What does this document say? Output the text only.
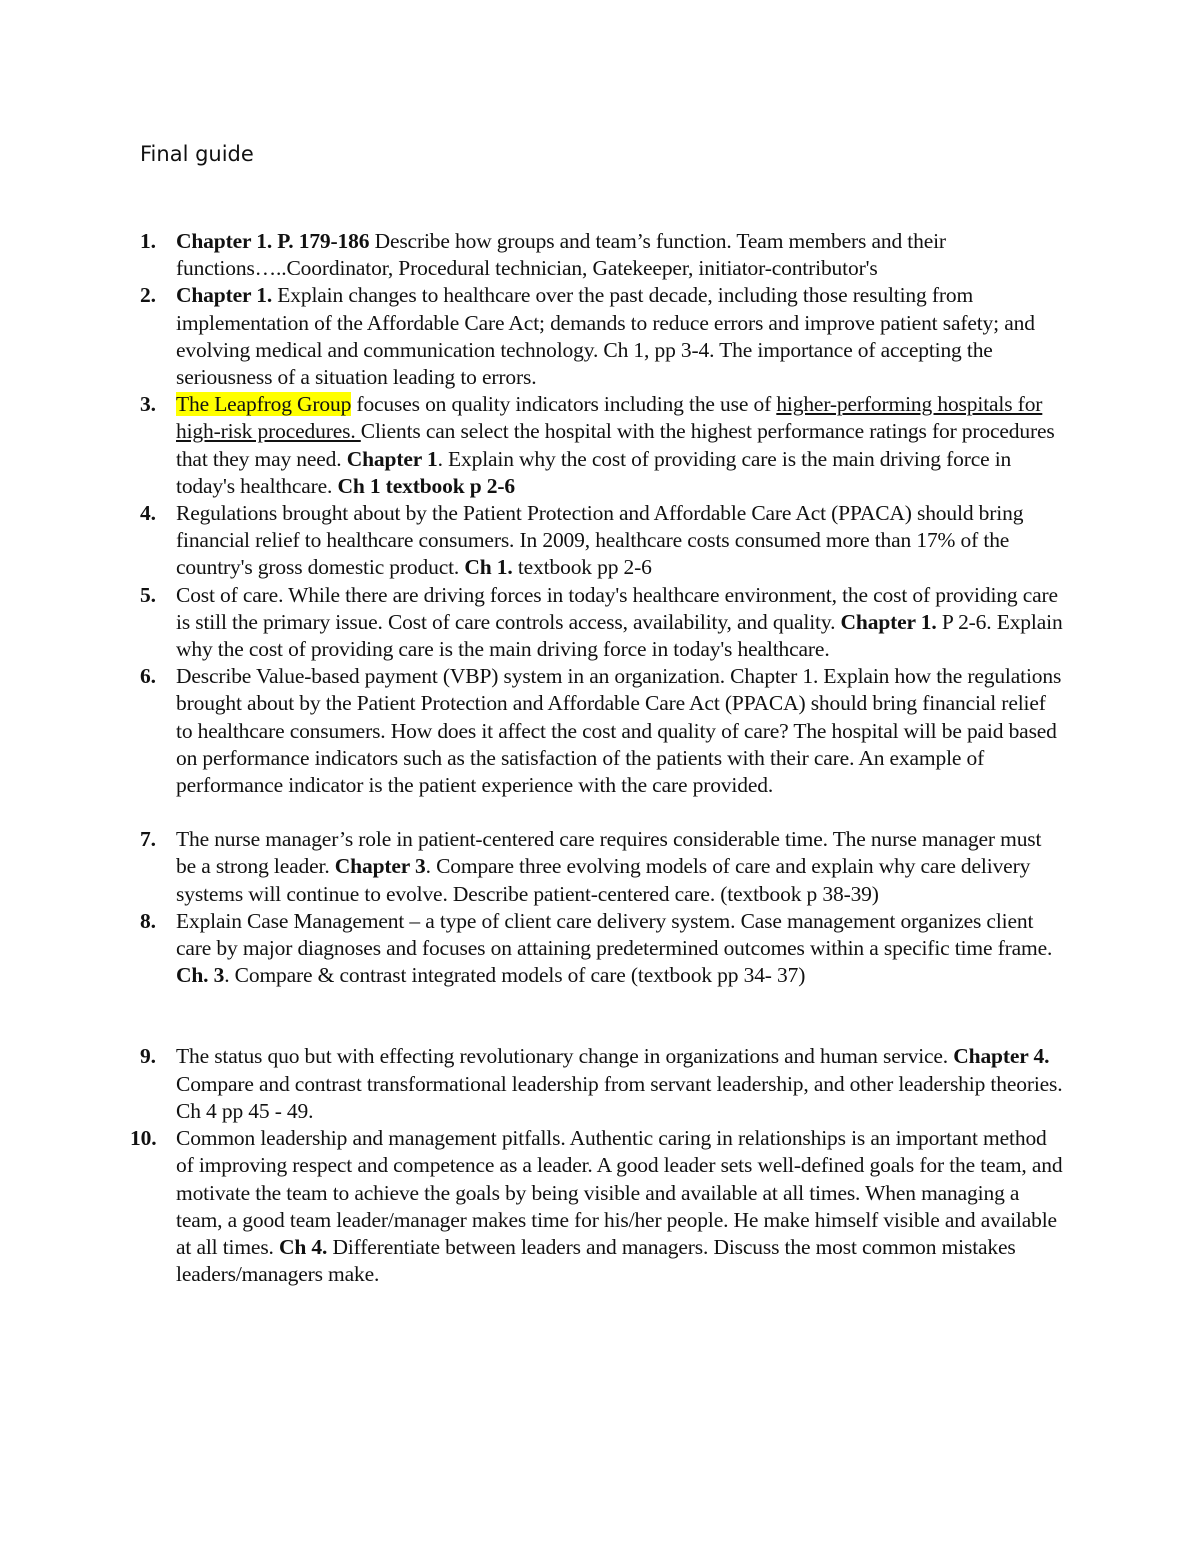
Final guide
1. Chapter 1. P. 179-186 Describe how groups and team’s function. Team members and their functions…..Coordinator, Procedural technician, Gatekeeper, initiator-contributor's
2. Chapter 1. Explain changes to healthcare over the past decade, including those resulting from implementation of the Affordable Care Act; demands to reduce errors and improve patient safety; and evolving medical and communication technology. Ch 1, pp 3-4. The importance of accepting the seriousness of a situation leading to errors.
3. The Leapfrog Group focuses on quality indicators including the use of higher-performing hospitals for high-risk procedures. Clients can select the hospital with the highest performance ratings for procedures that they may need. Chapter 1. Explain why the cost of providing care is the main driving force in today's healthcare. Ch 1 textbook p 2-6
4. Regulations brought about by the Patient Protection and Affordable Care Act (PPACA) should bring financial relief to healthcare consumers. In 2009, healthcare costs consumed more than 17% of the country's gross domestic product. Ch 1. textbook pp 2-6
5. Cost of care. While there are driving forces in today's healthcare environment, the cost of providing care is still the primary issue. Cost of care controls access, availability, and quality. Chapter 1. P 2-6. Explain why the cost of providing care is the main driving force in today's healthcare.
6. Describe Value-based payment (VBP) system in an organization. Chapter 1. Explain how the regulations brought about by the Patient Protection and Affordable Care Act (PPACA) should bring financial relief to healthcare consumers. How does it affect the cost and quality of care? The hospital will be paid based on performance indicators such as the satisfaction of the patients with their care. An example of performance indicator is the patient experience with the care provided.
7. The nurse manager’s role in patient-centered care requires considerable time. The nurse manager must be a strong leader. Chapter 3. Compare three evolving models of care and explain why care delivery systems will continue to evolve. Describe patient-centered care. (textbook p 38-39)
8. Explain Case Management – a type of client care delivery system. Case management organizes client care by major diagnoses and focuses on attaining predetermined outcomes within a specific time frame. Ch. 3. Compare & contrast integrated models of care (textbook pp 34- 37)
9. The status quo but with effecting revolutionary change in organizations and human service. Chapter 4. Compare and contrast transformational leadership from servant leadership, and other leadership theories. Ch 4 pp 45 - 49.
10. Common leadership and management pitfalls. Authentic caring in relationships is an important method of improving respect and competence as a leader. A good leader sets well-defined goals for the team, and motivate the team to achieve the goals by being visible and available at all times. When managing a team, a good team leader/manager makes time for his/her people. He make himself visible and available at all times. Ch 4. Differentiate between leaders and managers. Discuss the most common mistakes leaders/managers make.
